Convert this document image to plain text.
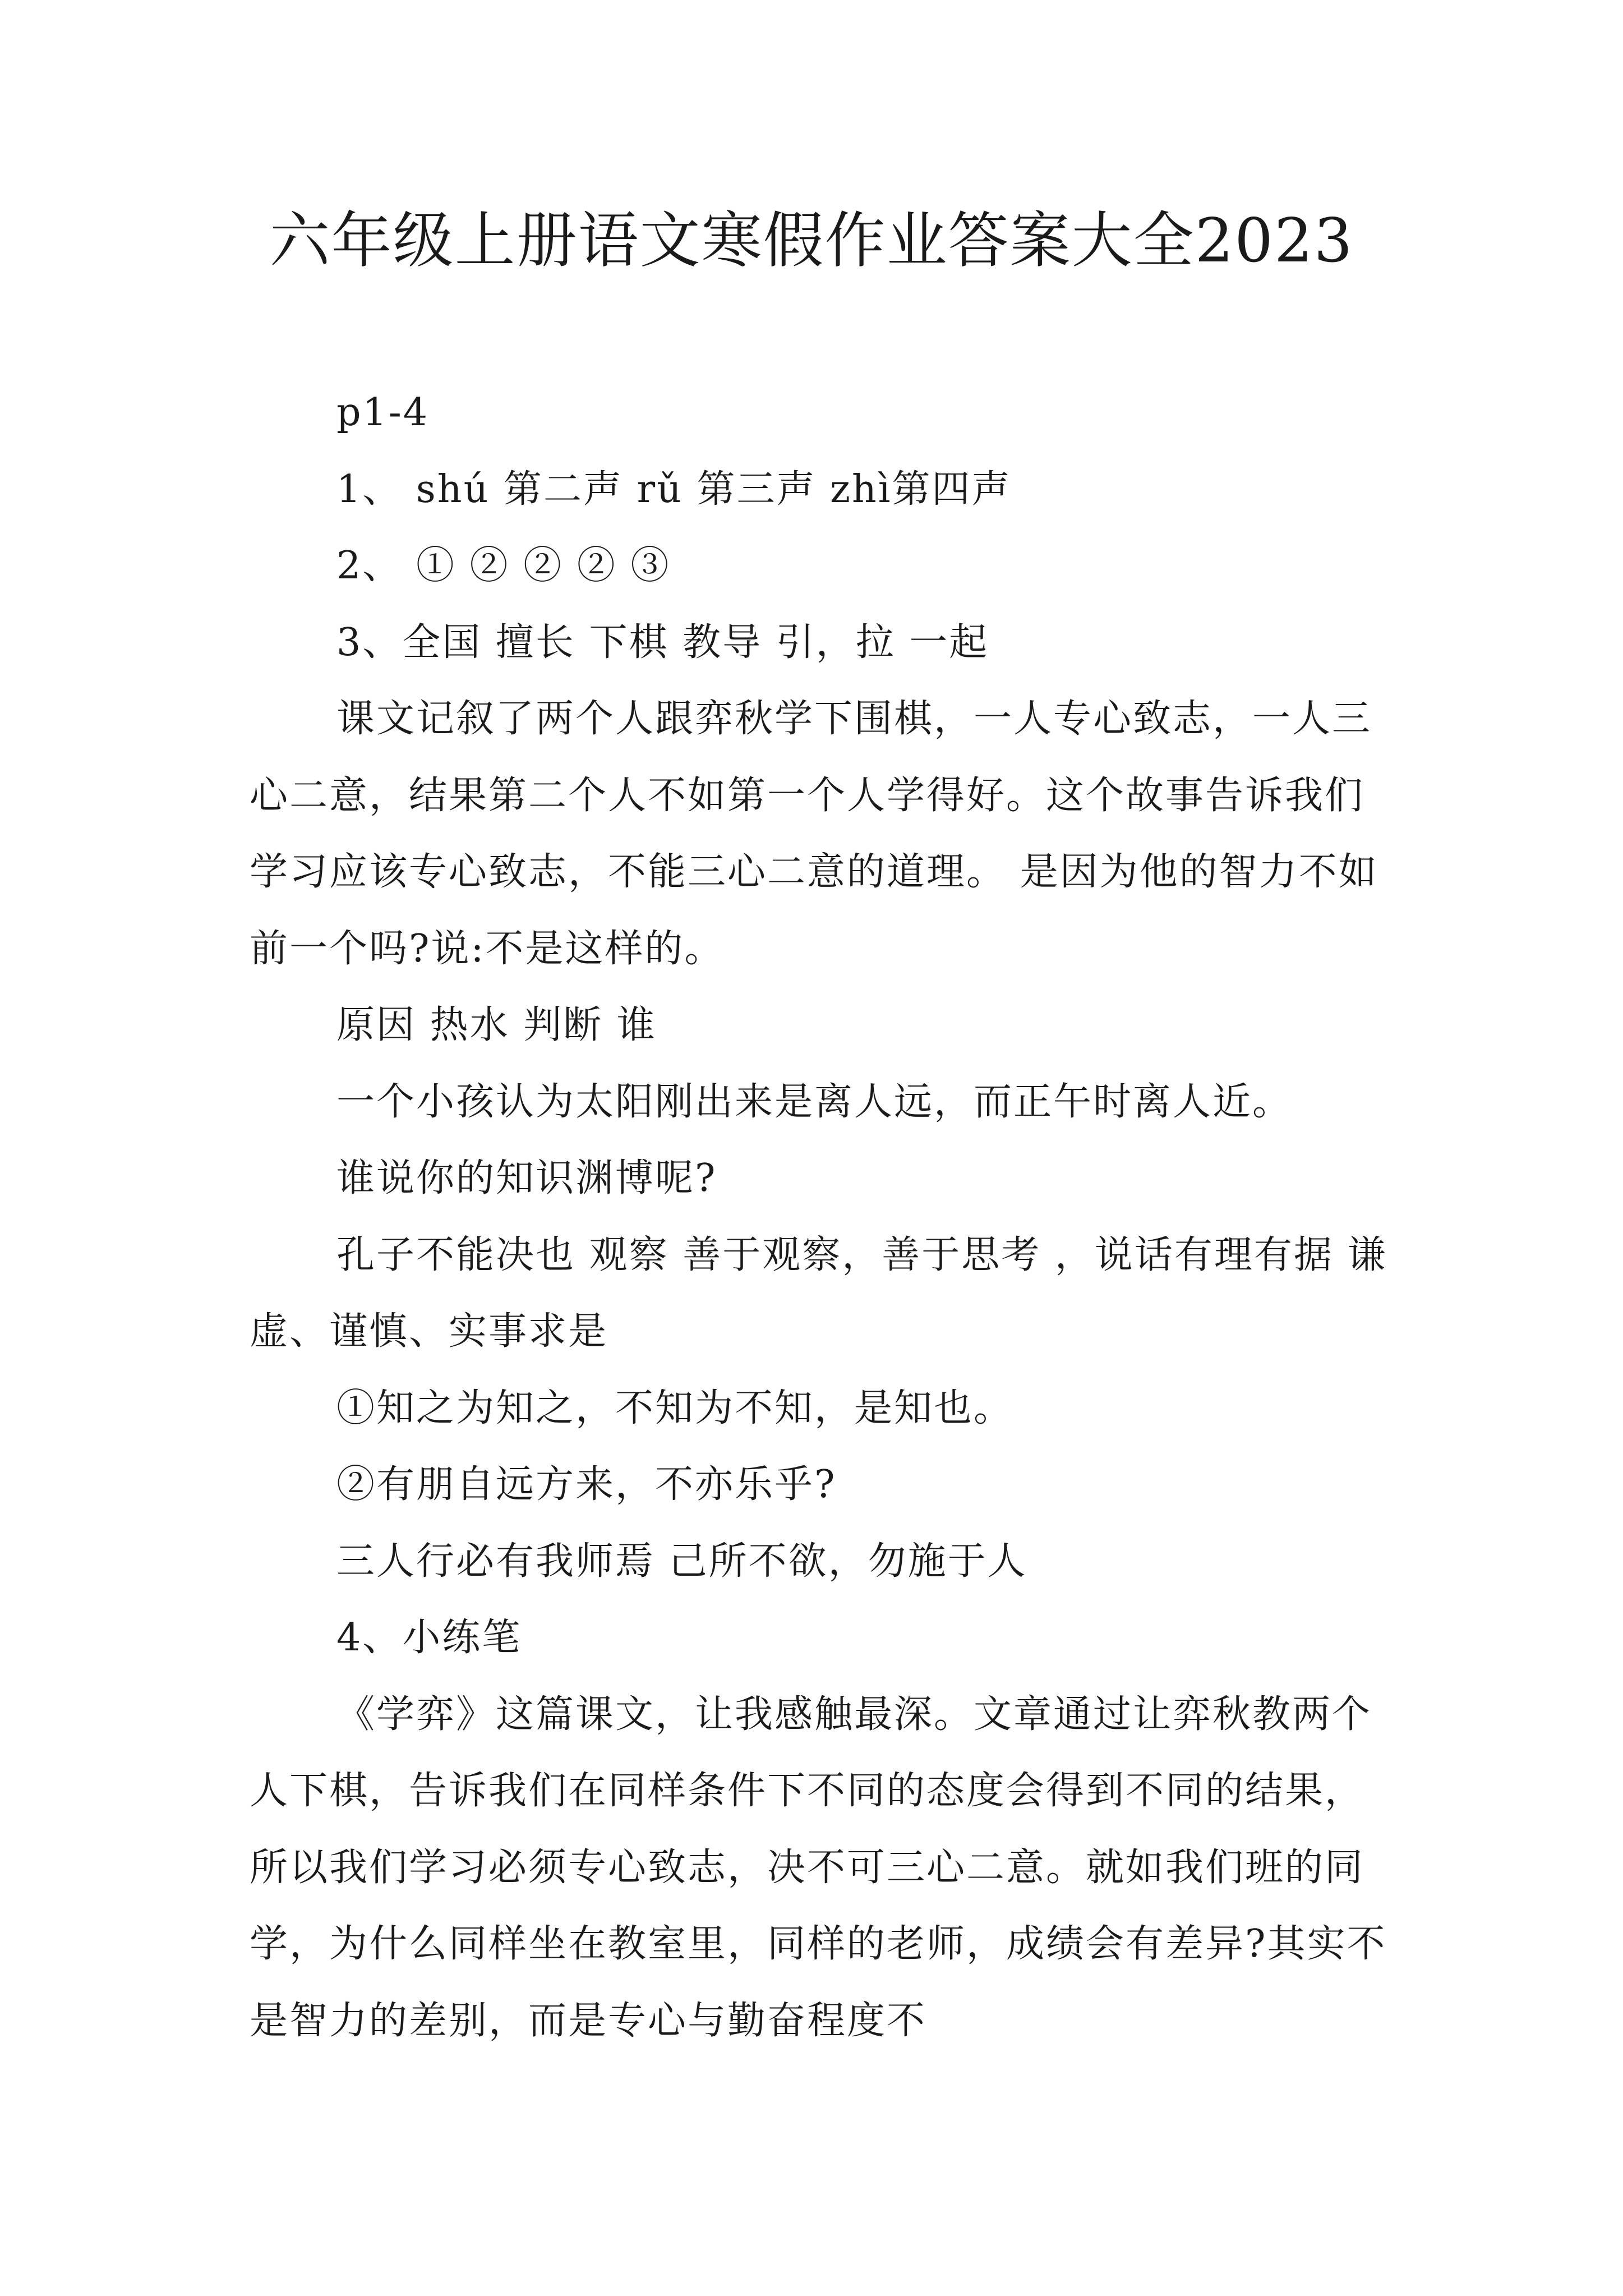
六年级上册语文寒假作业答案大全2023

p1-4

1、 shú 第二声 rǔ 第三声 zhì第四声

2、 ① ② ② ② ③

3、全国 擅长 下棋 教导 引，拉 一起

课文记叙了两个人跟弈秋学下围棋，一人专心致志，一人三心二意，结果第二个人不如第一个人学得好。这个故事告诉我们学习应该专心致志，不能三心二意的道理。 是因为他的智力不如前一个吗?说:不是这样的。

原因 热水 判断 谁

一个小孩认为太阳刚出来是离人远，而正午时离人近。

谁说你的知识渊博呢?

孔子不能决也 观察 善于观察，善于思考 ，说话有理有据 谦虚、谨慎、实事求是

①知之为知之，不知为不知，是知也。

②有朋自远方来，不亦乐乎?

三人行必有我师焉 己所不欲，勿施于人

4、小练笔

《学弈》这篇课文，让我感触最深。文章通过让弈秋教两个人下棋，告诉我们在同样条件下不同的态度会得到不同的结果，所以我们学习必须专心致志，决不可三心二意。就如我们班的同学，为什么同样坐在教室里，同样的老师，成绩会有差异?其实不是智力的差别，而是专心与勤奋程度不
